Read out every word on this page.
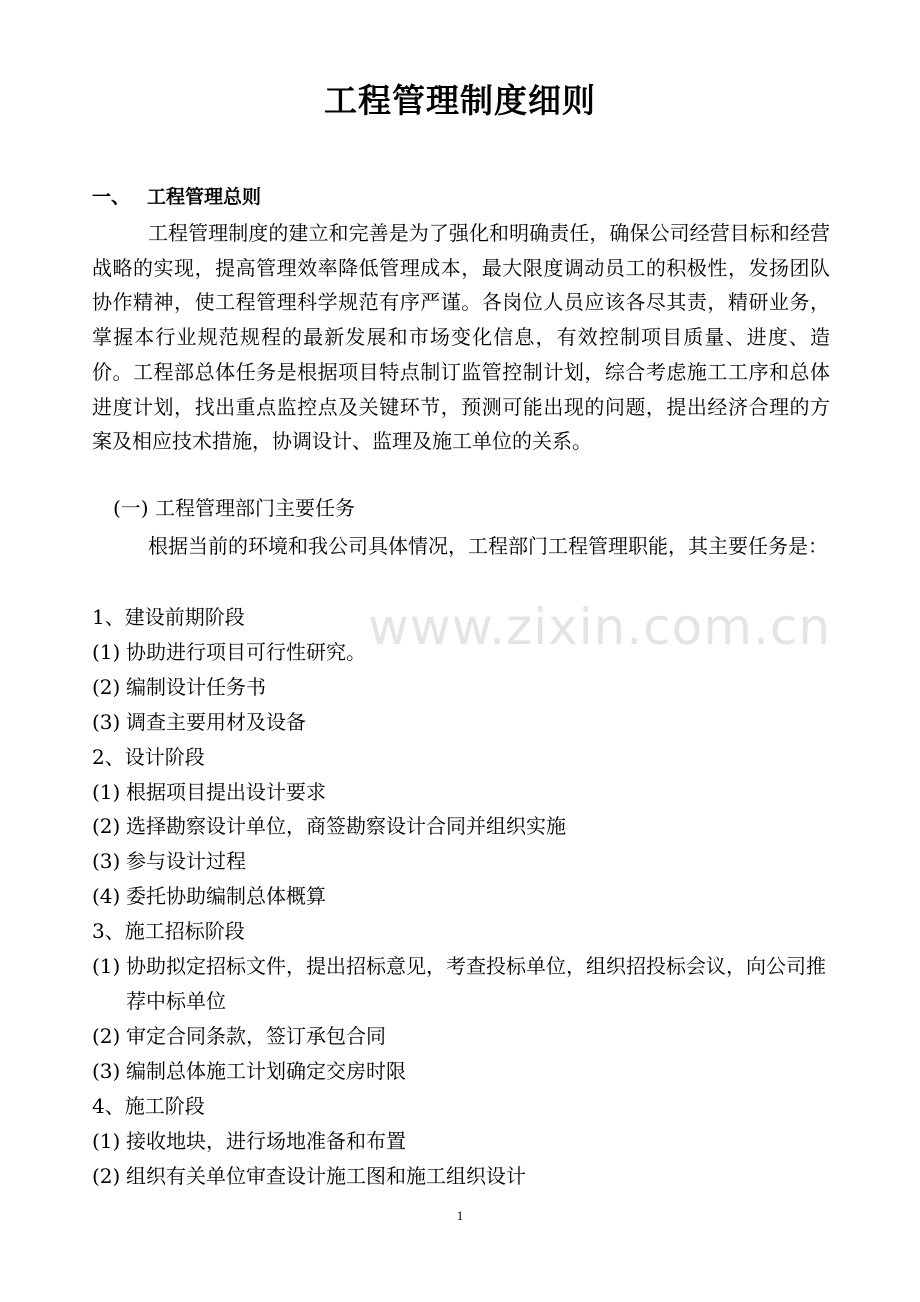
工程管理制度细则
一、 工程管理总则

工程管理制度的建立和完善是为了强化和明确责任，确保公司经营目标和经营战略的实现，提高管理效率降低管理成本，最大限度调动员工的积极性，发扬团队协作精神，使工程管理科学规范有序严谨。各岗位人员应该各尽其责，精研业务，掌握本行业规范规程的最新发展和市场变化信息，有效控制项目质量、进度、造价。工程部总体任务是根据项目特点制订监管控制计划，综合考虑施工工序和总体进度计划，找出重点监控点及关键环节，预测可能出现的问题，提出经济合理的方案及相应技术措施，协调设计、监理及施工单位的关系。

(一) 工程管理部门主要任务

根据当前的环境和我公司具体情况，工程部门工程管理职能，其主要任务是：

1、建设前期阶段
(1) 协助进行项目可行性研究。
(2) 编制设计任务书
(3) 调查主要用材及设备
2、设计阶段
(1) 根据项目提出设计要求
(2) 选择勘察设计单位，商签勘察设计合同并组织实施
(3) 参与设计过程
(4) 委托协助编制总体概算
3、施工招标阶段
(1) 协助拟定招标文件，提出招标意见，考查投标单位，组织招投标会议，向公司推荐中标单位
(2) 审定合同条款，签订承包合同
(3) 编制总体施工计划确定交房时限
4、施工阶段
(1) 接收地块，进行场地准备和布置
(2) 组织有关单位审查设计施工图和施工组织设计
www.zixin.com.cn
1
